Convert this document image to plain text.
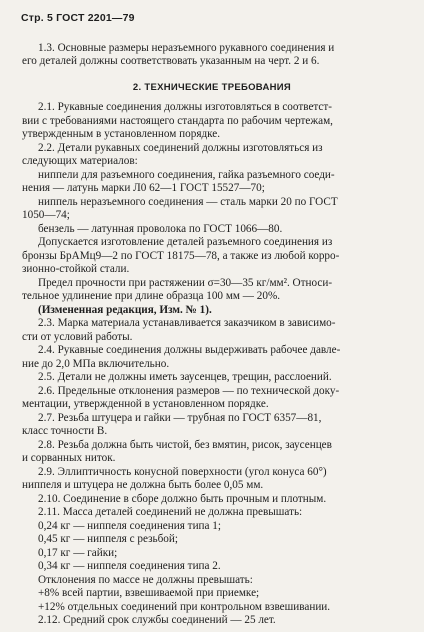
Стр. 5 ГОСТ 2201—79
2. ТЕХНИЧЕСКИЕ ТРЕБОВАНИЯ
1.3. Основные размеры неразъемного рукавного соединения и
его деталей должны соответствовать указанным на черт. 2 и 6.
2.1. Рукавные соединения должны изготовляться в соответст-
вии с требованиями настоящего стандарта по рабочим чертежам,
утвержденным в установленном порядке.
2.2. Детали рукавных соединений должны изготовляться из
следующих материалов:
ниппели для разъемного соединения, гайка разъемного соеди-
нения — латунь марки Л0 62—1 ГОСТ 15527—70;
ниппель неразъемного соединения — сталь марки 20 по ГОСТ
1050—74;
бензель — латунная проволока по ГОСТ 1066—80.
Допускается изготовление деталей разъемного соединения из
бронзы БрАМц9—2 по ГОСТ 18175—78, а также из любой корро-
зионно-стойкой стали.
Предел прочности при растяжении σ=30—35 кг/мм². Относи-
тельное удлинение при длине образца 100 мм — 20%.
(Измененная редакция, Изм. № 1).
2.3. Марка материала устанавливается заказчиком в зависимо-
сти от условий работы.
2.4. Рукавные соединения должны выдерживать рабочее давле-
ние до 2,0 МПа включительно.
2.5. Детали не должны иметь заусенцев, трещин, расслоений.
2.6. Предельные отклонения размеров — по технической доку-
ментации, утвержденной в установленном порядке.
2.7. Резьба штуцера и гайки — трубная по ГОСТ 6357—81,
класс точности В.
2.8. Резьба должна быть чистой, без вмятин, рисок, заусенцев
и сорванных ниток.
2.9. Эллиптичность конусной поверхности (угол конуса 60°)
ниппеля и штуцера не должна быть более 0,05 мм.
2.10. Соединение в сборе должно быть прочным и плотным.
2.11. Масса деталей соединений не должна превышать:
0,24 кг — ниппеля соединения типа 1;
0,45 кг — ниппеля с резьбой;
0,17 кг — гайки;
0,34 кг — ниппеля соединения типа 2.
Отклонения по массе не должны превышать:
+8% всей партии, взвешиваемой при приемке;
+12% отдельных соединений при контрольном взвешивании.
2.12. Средний срок службы соединений — 25 лет.
